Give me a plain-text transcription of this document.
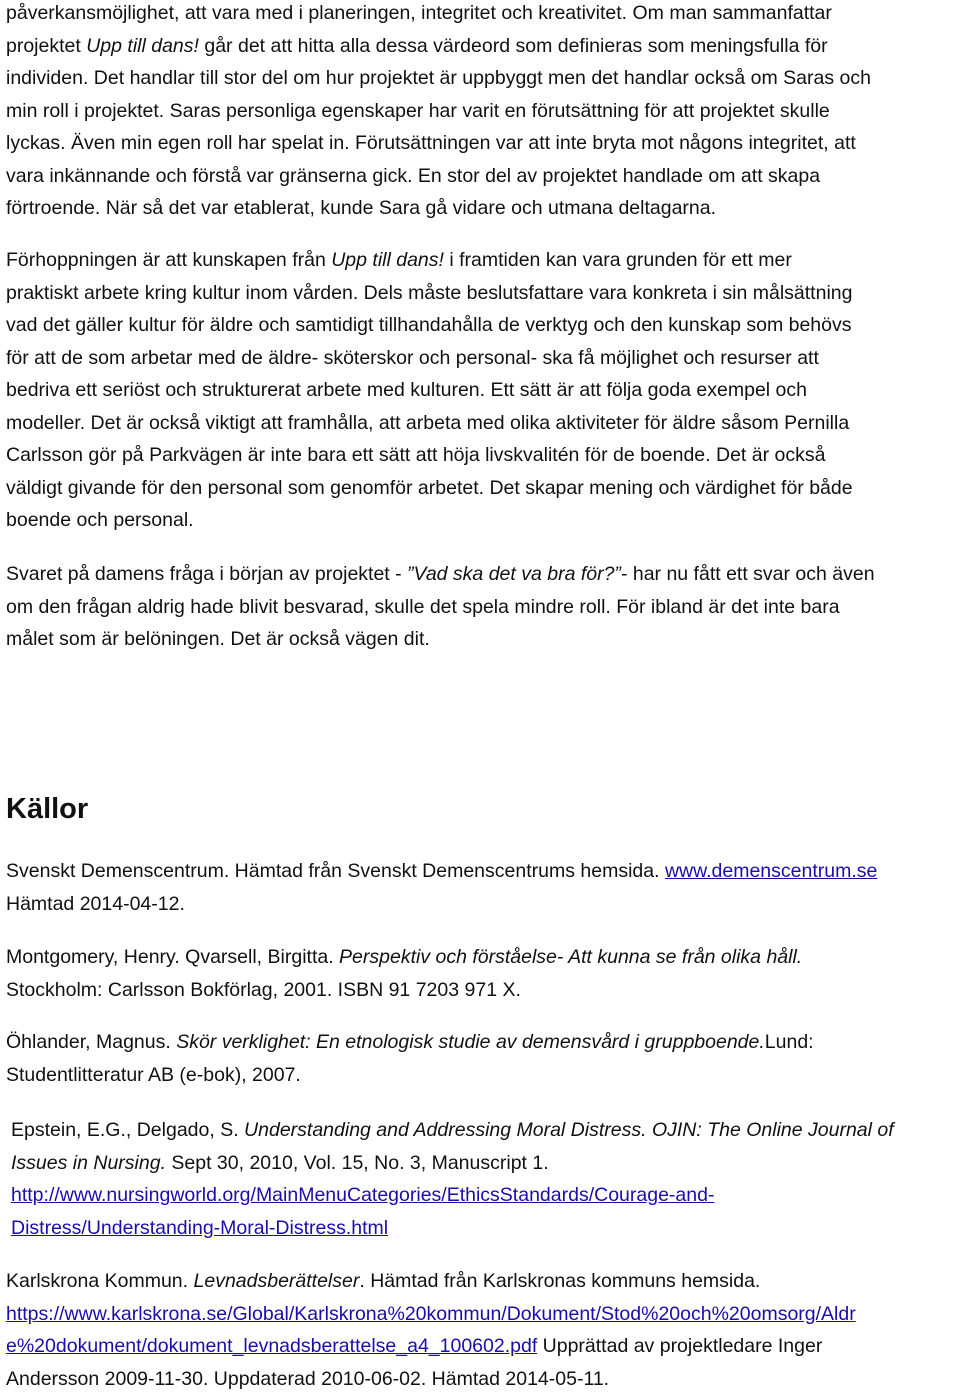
påverkansmöjlighet, att vara med i planeringen, integritet och kreativitet. Om man sammanfattar
projektet Upp till dans! går det att hitta alla dessa värdeord som definieras som meningsfulla för
individen. Det handlar till stor del om hur projektet är uppbyggt men det handlar också om Saras och
min roll i projektet. Saras personliga egenskaper har varit en förutsättning för att projektet skulle
lyckas. Även min egen roll har spelat in. Förutsättningen var att inte bryta mot någons integritet, att
vara inkännande och förstå var gränserna gick. En stor del av projektet handlade om att skapa
förtroende. När så det var etablerat, kunde Sara gå vidare och utmana deltagarna.
Förhoppningen är att kunskapen från Upp till dans! i framtiden kan vara grunden för ett mer
praktiskt arbete kring kultur inom vården. Dels måste beslutsfattare vara konkreta i sin målsättning
vad det gäller kultur för äldre och samtidigt tillhandahålla de verktyg och den kunskap som behövs
för att de som arbetar med de äldre- sköterskor och personal- ska få möjlighet och resurser att
bedriva ett seriöst och strukturerat arbete med kulturen. Ett sätt är att följa goda exempel och
modeller. Det är också viktigt att framhålla, att arbeta med olika aktiviteter för äldre såsom Pernilla
Carlsson gör på Parkvägen är inte bara ett sätt att höja livskvalitén för de boende. Det är också
väldigt givande för den personal som genomför arbetet. Det skapar mening och värdighet för både
boende och personal.
Svaret på damens fråga i början av projektet - ”Vad ska det va bra för?”- har nu fått ett svar och även
om den frågan aldrig hade blivit besvarad, skulle det spela mindre roll. För ibland är det inte bara
målet som är belöningen. Det är också vägen dit.
Källor
Svenskt Demenscentrum. Hämtad från Svenskt Demenscentrums hemsida. www.demenscentrum.se
Hämtad 2014-04-12.
Montgomery, Henry. Qvarsell, Birgitta. Perspektiv och förståelse- Att kunna se från olika håll.
Stockholm: Carlsson Bokförlag, 2001. ISBN 91 7203 971 X.
Öhlander, Magnus. Skör verklighet: En etnologisk studie av demensvård i gruppboende.Lund:
Studentlitteratur AB (e-bok), 2007.
Epstein, E.G., Delgado, S. Understanding and Addressing Moral Distress. OJIN: The Online Journal of
Issues in Nursing. Sept 30, 2010, Vol. 15, No. 3, Manuscript 1.
http://www.nursingworld.org/MainMenuCategories/EthicsStandards/Courage-and-
Distress/Understanding-Moral-Distress.html
Karlskrona Kommun. Levnadsberättelser. Hämtad från Karlskronas kommuns hemsida.
https://www.karlskrona.se/Global/Karlskrona%20kommun/Dokument/Stod%20och%20omsorg/Aldr
e%20dokument/dokument_levnadsberattelse_a4_100602.pdf Upprättad av projektledare Inger
Andersson 2009-11-30. Uppdaterad 2010-06-02. Hämtad 2014-05-11.
